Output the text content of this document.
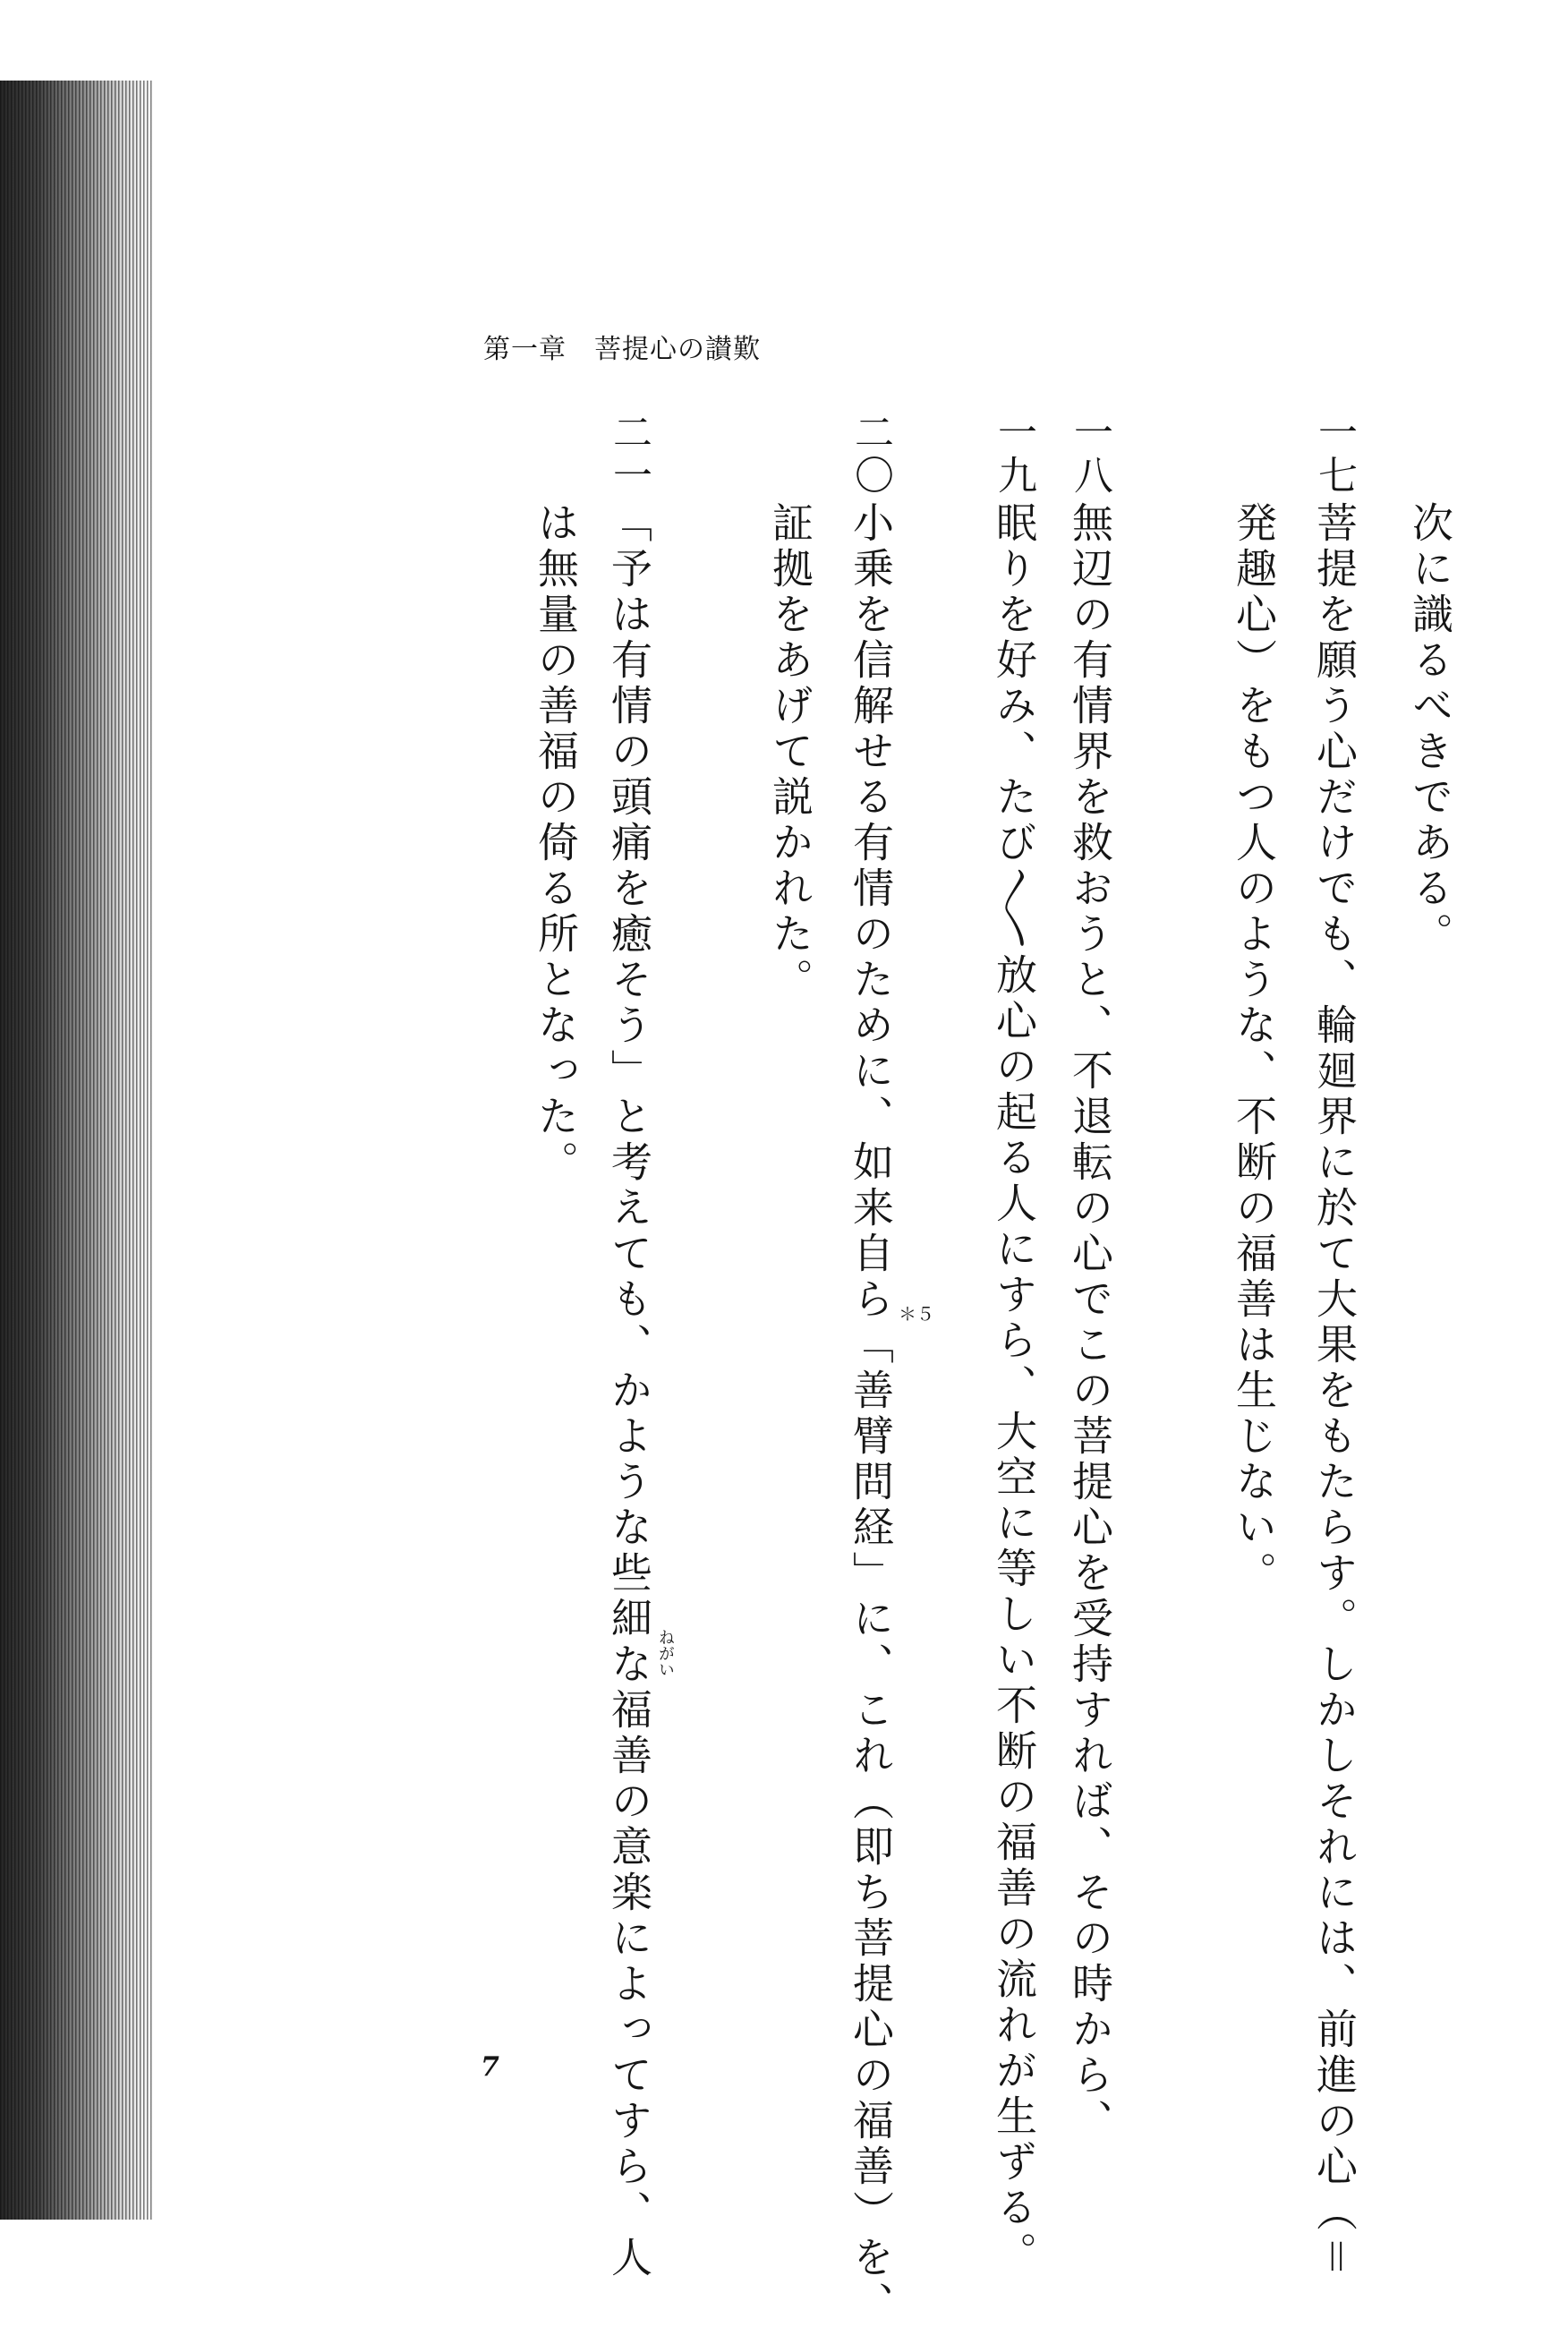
第一章　菩提心の讃歎
次に識るべきである。
一七
菩提を願う心だけでも、輪廻界に於て大果をもたらす。しかしそれには、前進の心（＝
発趣心）をもつ人のような、不断の福善は生じない。
一八
無辺の有情界を救おうと、不退転の心でこの菩提心を受持すれば、その時から、
一九
眠りを好み、たび〳〵放心の起る人にすら、大空に等しい不断の福善の流れが生ずる。
二〇
小乗を信解せる有情のために、如来自ら「善臂問経」に、これ（即ち菩提心の福善）を、
証拠をあげて説かれた。
二一
「予は有情の頭痛を癒そう」と考えても、かような些細な福善の意楽によってすら、人
は無量の善福の倚る所となった。
＊５
ねがい
7
